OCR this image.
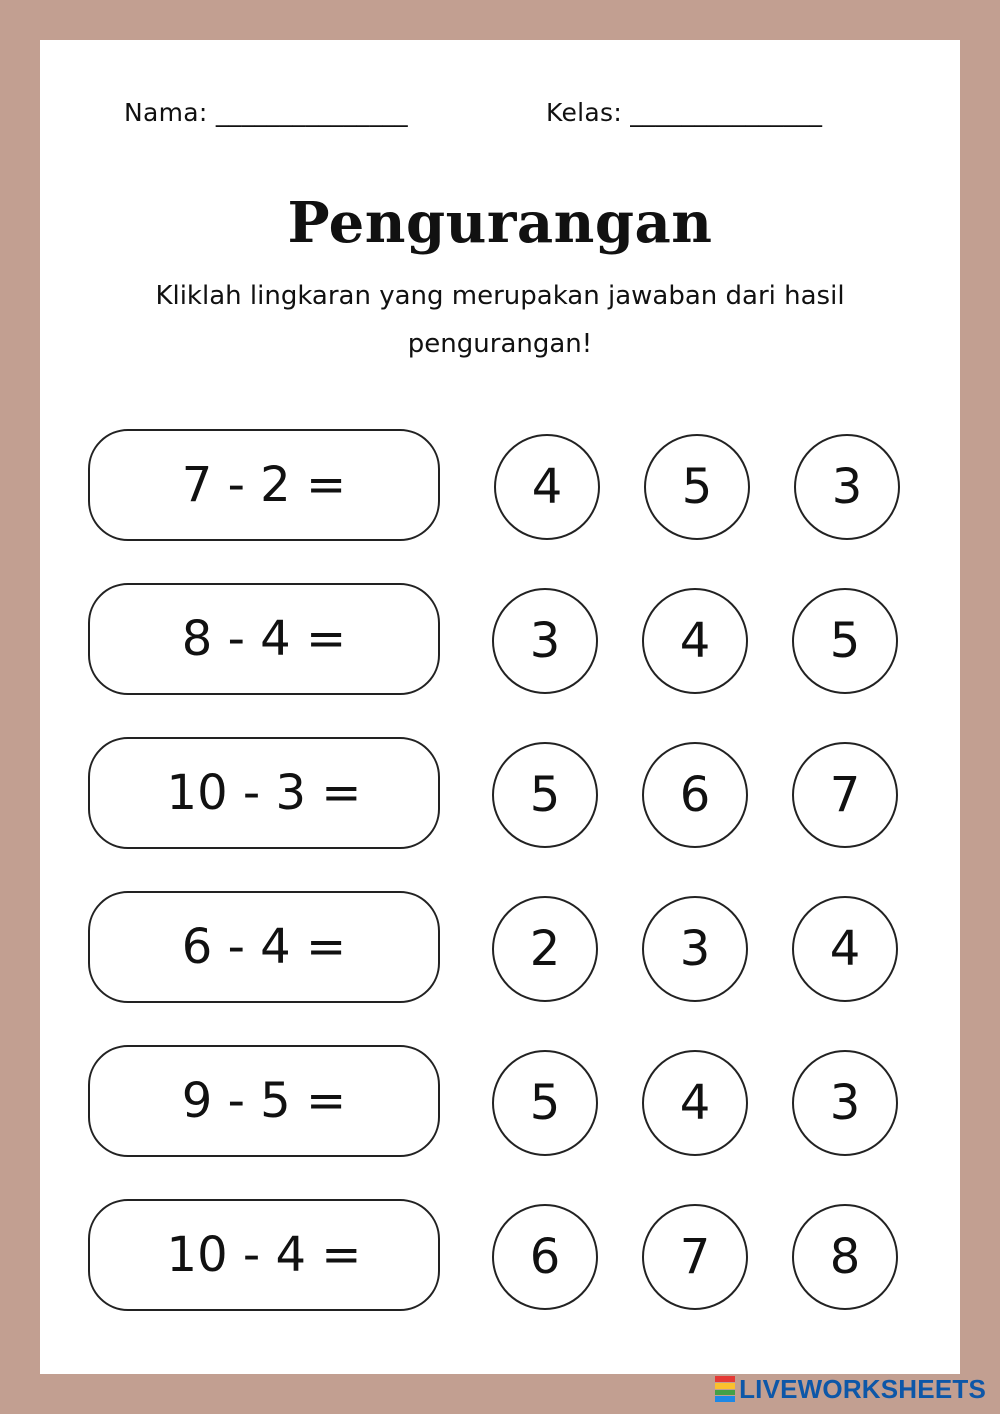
Nama: _______________	Kelas: _______________
Pengurangan
Kliklah lingkaran yang merupakan jawaban dari hasil
pengurangan!
7 - 2 =	4	5	3
8 - 4 =	3	4	5
10 - 3 =	5	6	7
6 - 4 =	2	3	4
9 - 5 =	5	4	3
10 - 4 =	6	7	8
LIVEWORKSHEETS
